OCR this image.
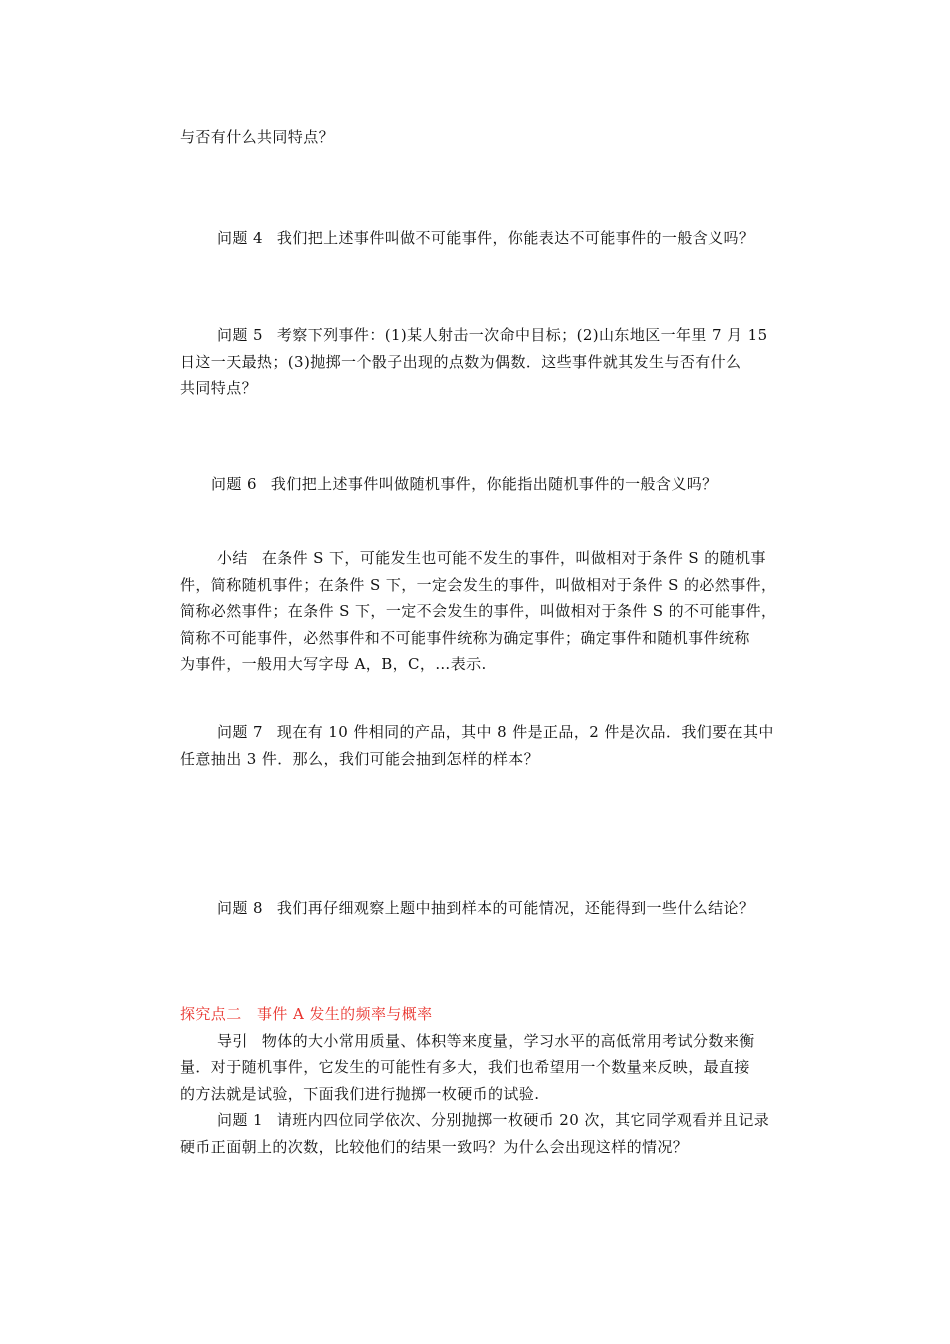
与否有什么共同特点？
问题 4 我们把上述事件叫做不可能事件，你能表达不可能事件的一般含义吗？
问题 5 考察下列事件：(1)某人射击一次命中目标；(2)山东地区一年里 7 月 15
日这一天最热；(3)抛掷一个骰子出现的点数为偶数．这些事件就其发生与否有什么
共同特点？
问题 6 我们把上述事件叫做随机事件，你能指出随机事件的一般含义吗？
小结 在条件 S 下，可能发生也可能不发生的事件，叫做相对于条件 S 的随机事
件，简称随机事件；在条件 S 下，一定会发生的事件，叫做相对于条件 S 的必然事件，
简称必然事件；在条件 S 下，一定不会发生的事件，叫做相对于条件 S 的不可能事件，
简称不可能事件，必然事件和不可能事件统称为确定事件；确定事件和随机事件统称
为事件，一般用大写字母 A，B，C，…表示.
问题 7 现在有 10 件相同的产品，其中 8 件是正品，2 件是次品．我们要在其中
任意抽出 3 件．那么，我们可能会抽到怎样的样本？
问题 8 我们再仔细观察上题中抽到样本的可能情况，还能得到一些什么结论？
探究点二　事件 A 发生的频率与概率
导引 物体的大小常用质量、体积等来度量，学习水平的高低常用考试分数来衡
量．对于随机事件，它发生的可能性有多大，我们也希望用一个数量来反映，最直接
的方法就是试验，下面我们进行抛掷一枚硬币的试验.
问题 1 请班内四位同学依次、分别抛掷一枚硬币 20 次，其它同学观看并且记录
硬币正面朝上的次数，比较他们的结果一致吗？为什么会出现这样的情况？
